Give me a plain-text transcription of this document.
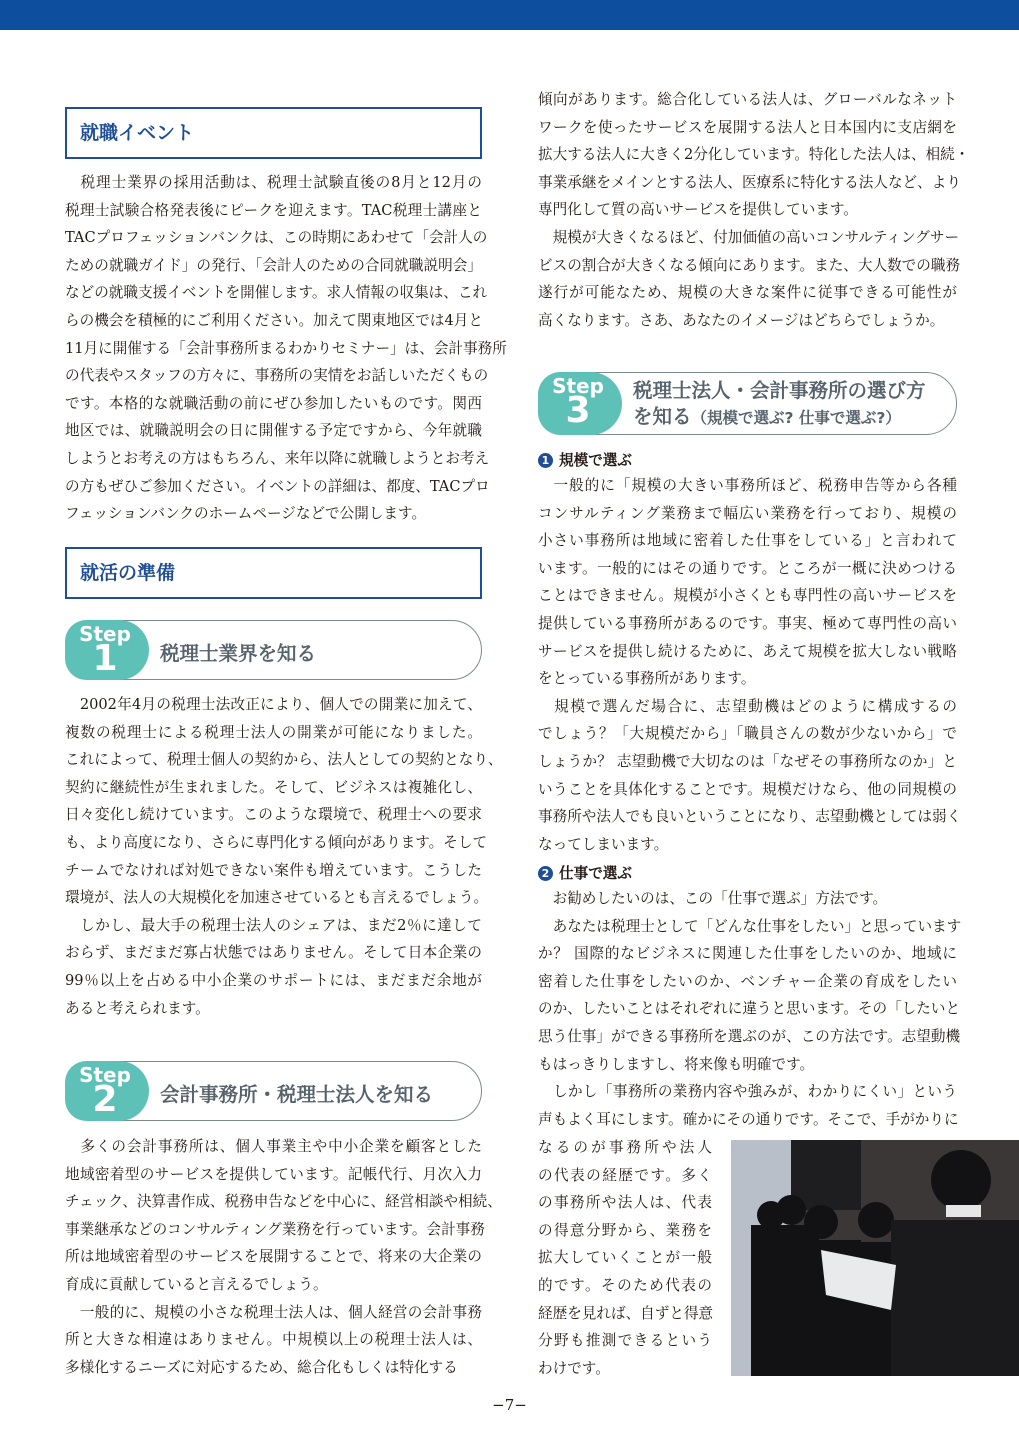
就職イベント
　税理士業界の採用活動は、税理士試験直後の8月と12月の
税理士試験合格発表後にピークを迎えます。TAC税理士講座と
TACプロフェッションバンクは、この時期にあわせて「会計人の
ための就職ガイド」の発行、「会計人のための合同就職説明会」
などの就職支援イベントを開催します。求人情報の収集は、これ
らの機会を積極的にご利用ください。加えて関東地区では4月と
11月に開催する「会計事務所まるわかりセミナー」は、会計事務所
の代表やスタッフの方々に、事務所の実情をお話しいただくもの
です。本格的な就職活動の前にぜひ参加したいものです。関西
地区では、就職説明会の日に開催する予定ですから、今年就職
しようとお考えの方はもちろん、来年以降に就職しようとお考え
の方もぜひご参加ください。イベントの詳細は、都度、TACプロ
フェッションバンクのホームページなどで公開します。
就活の準備
Step
1	税理士業界を知る
　2002年4月の税理士法改正により、個人での開業に加えて、
複数の税理士による税理士法人の開業が可能になりました。
これによって、税理士個人の契約から、法人としての契約となり、
契約に継続性が生まれました。そして、ビジネスは複雑化し、
日々変化し続けています。このような環境で、税理士への要求
も、より高度になり、さらに専門化する傾向があります。そして
チームでなければ対処できない案件も増えています。こうした
環境が、法人の大規模化を加速させているとも言えるでしょう。
　しかし、最大手の税理士法人のシェアは、まだ2％に達して
おらず、まだまだ寡占状態ではありません。そして日本企業の
99％以上を占める中小企業のサポートには、まだまだ余地が
あると考えられます。
Step
2	会計事務所・税理士法人を知る
　多くの会計事務所は、個人事業主や中小企業を顧客とした
地域密着型のサービスを提供しています。記帳代行、月次入力
チェック、決算書作成、税務申告などを中心に、経営相談や相続、
事業継承などのコンサルティング業務を行っています。会計事務
所は地域密着型のサービスを展開することで、将来の大企業の
育成に貢献していると言えるでしょう。
　一般的に、規模の小さな税理士法人は、個人経営の会計事務
所と大きな相違はありません。中規模以上の税理士法人は、
多様化するニーズに対応するため、総合化もしくは特化する
傾向があります。総合化している法人は、グローバルなネット
ワークを使ったサービスを展開する法人と日本国内に支店網を
拡大する法人に大きく2分化しています。特化した法人は、相続・
事業承継をメインとする法人、医療系に特化する法人など、より
専門化して質の高いサービスを提供しています。
　規模が大きくなるほど、付加価値の高いコンサルティングサー
ビスの割合が大きくなる傾向にあります。また、大人数での職務
遂行が可能なため、規模の大きな案件に従事できる可能性が
高くなります。さあ、あなたのイメージはどちらでしょうか。
Step
3	税理士法人・会計事務所の選び方
を知る（規模で選ぶ? 仕事で選ぶ?）
1 規模で選ぶ
　一般的に「規模の大きい事務所ほど、税務申告等から各種
コンサルティング業務まで幅広い業務を行っており、規模の
小さい事務所は地域に密着した仕事をしている」と言われて
います。一般的にはその通りです。ところが一概に決めつける
ことはできません。規模が小さくとも専門性の高いサービスを
提供している事務所があるのです。事実、極めて専門性の高い
サービスを提供し続けるために、あえて規模を拡大しない戦略
をとっている事務所があります。
　規模で選んだ場合に、志望動機はどのように構成するの
でしょう？「大規模だから」「職員さんの数が少ないから」で
しょうか？ 志望動機で大切なのは「なぜその事務所なのか」と
いうことを具体化することです。規模だけなら、他の同規模の
事務所や法人でも良いということになり、志望動機としては弱く
なってしまいます。
2 仕事で選ぶ
　お勧めしたいのは、この「仕事で選ぶ」方法です。
　あなたは税理士として「どんな仕事をしたい」と思っています
か？ 国際的なビジネスに関連した仕事をしたいのか、地域に
密着した仕事をしたいのか、ベンチャー企業の育成をしたい
のか、したいことはそれぞれに違うと思います。その「したいと
思う仕事」ができる事務所を選ぶのが、この方法です。志望動機
もはっきりしますし、将来像も明確です。
　しかし「事務所の業務内容や強みが、わかりにくい」という
声もよく耳にします。確かにその通りです。そこで、手がかりに
なるのが事務所や法人
の代表の経歴です。多く
の事務所や法人は、代表
の得意分野から、業務を
拡大していくことが一般
的です。そのため代表の
経歴を見れば、自ずと得意
分野も推測できるという
わけです。
−7−
